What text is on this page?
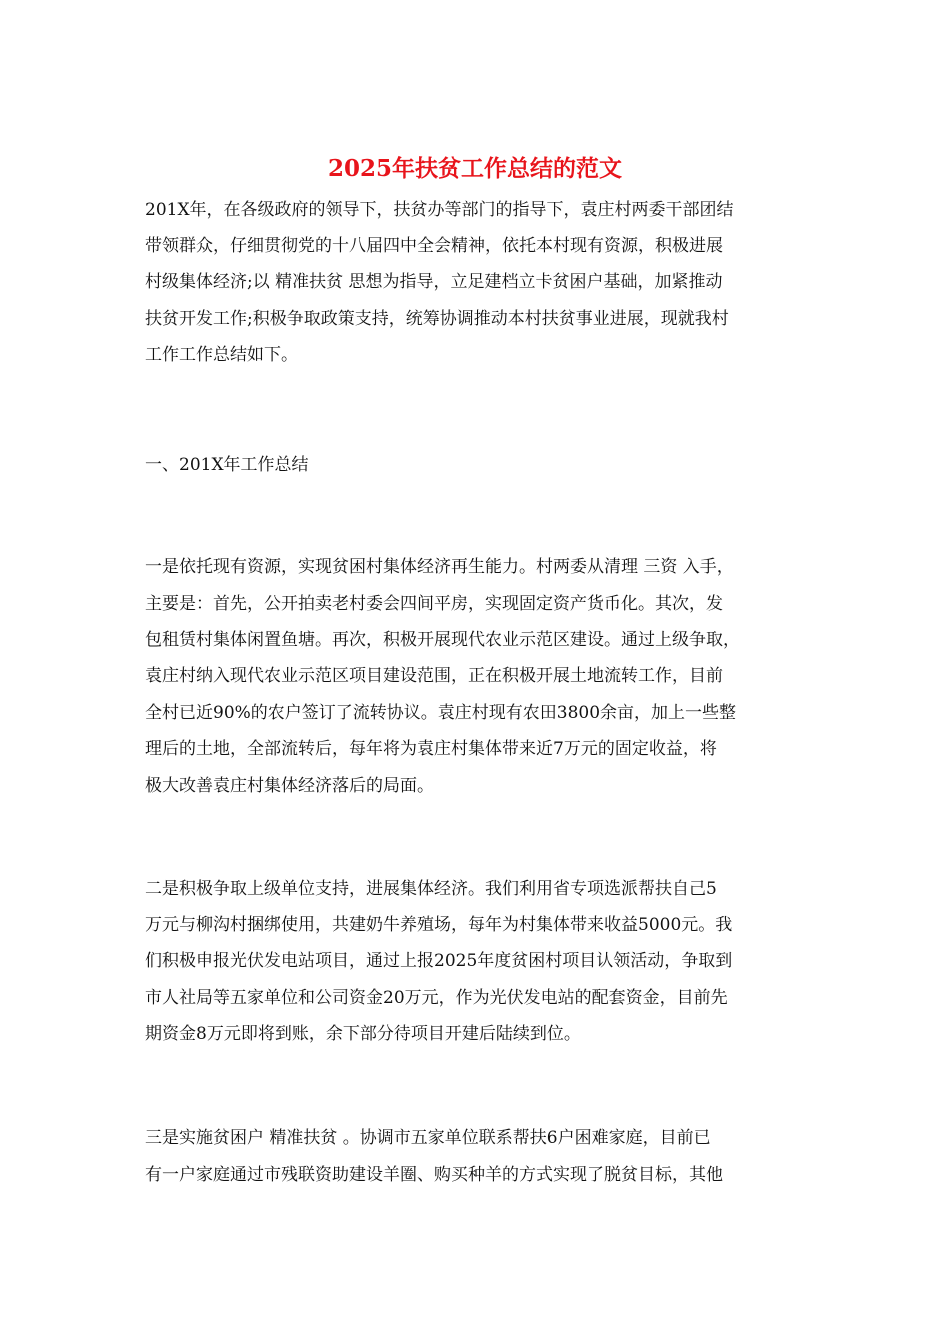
2025年扶贫工作总结的范文
201X年，在各级政府的领导下，扶贫办等部门的指导下，袁庄村两委干部团结
带领群众，仔细贯彻党的十八届四中全会精神，依托本村现有资源，积极进展
村级集体经济;以 精准扶贫 思想为指导，立足建档立卡贫困户基础，加紧推动
扶贫开发工作;积极争取政策支持，统筹协调推动本村扶贫事业进展，现就我村
工作工作总结如下。
一、201X年工作总结
一是依托现有资源，实现贫困村集体经济再生能力。村两委从清理 三资 入手，
主要是：首先，公开拍卖老村委会四间平房，实现固定资产货币化。其次，发
包租赁村集体闲置鱼塘。再次，积极开展现代农业示范区建设。通过上级争取，
袁庄村纳入现代农业示范区项目建设范围，正在积极开展土地流转工作，目前
全村已近90%的农户签订了流转协议。袁庄村现有农田3800余亩，加上一些整
理后的土地，全部流转后，每年将为袁庄村集体带来近7万元的固定收益，将
极大改善袁庄村集体经济落后的局面。
二是积极争取上级单位支持，进展集体经济。我们利用省专项选派帮扶自己5
万元与柳沟村捆绑使用，共建奶牛养殖场，每年为村集体带来收益5000元。我
们积极申报光伏发电站项目，通过上报2025年度贫困村项目认领活动，争取到
市人社局等五家单位和公司资金20万元，作为光伏发电站的配套资金，目前先
期资金8万元即将到账，余下部分待项目开建后陆续到位。
三是实施贫困户 精准扶贫 。协调市五家单位联系帮扶6户困难家庭，目前已
有一户家庭通过市残联资助建设羊圈、购买种羊的方式实现了脱贫目标，其他
